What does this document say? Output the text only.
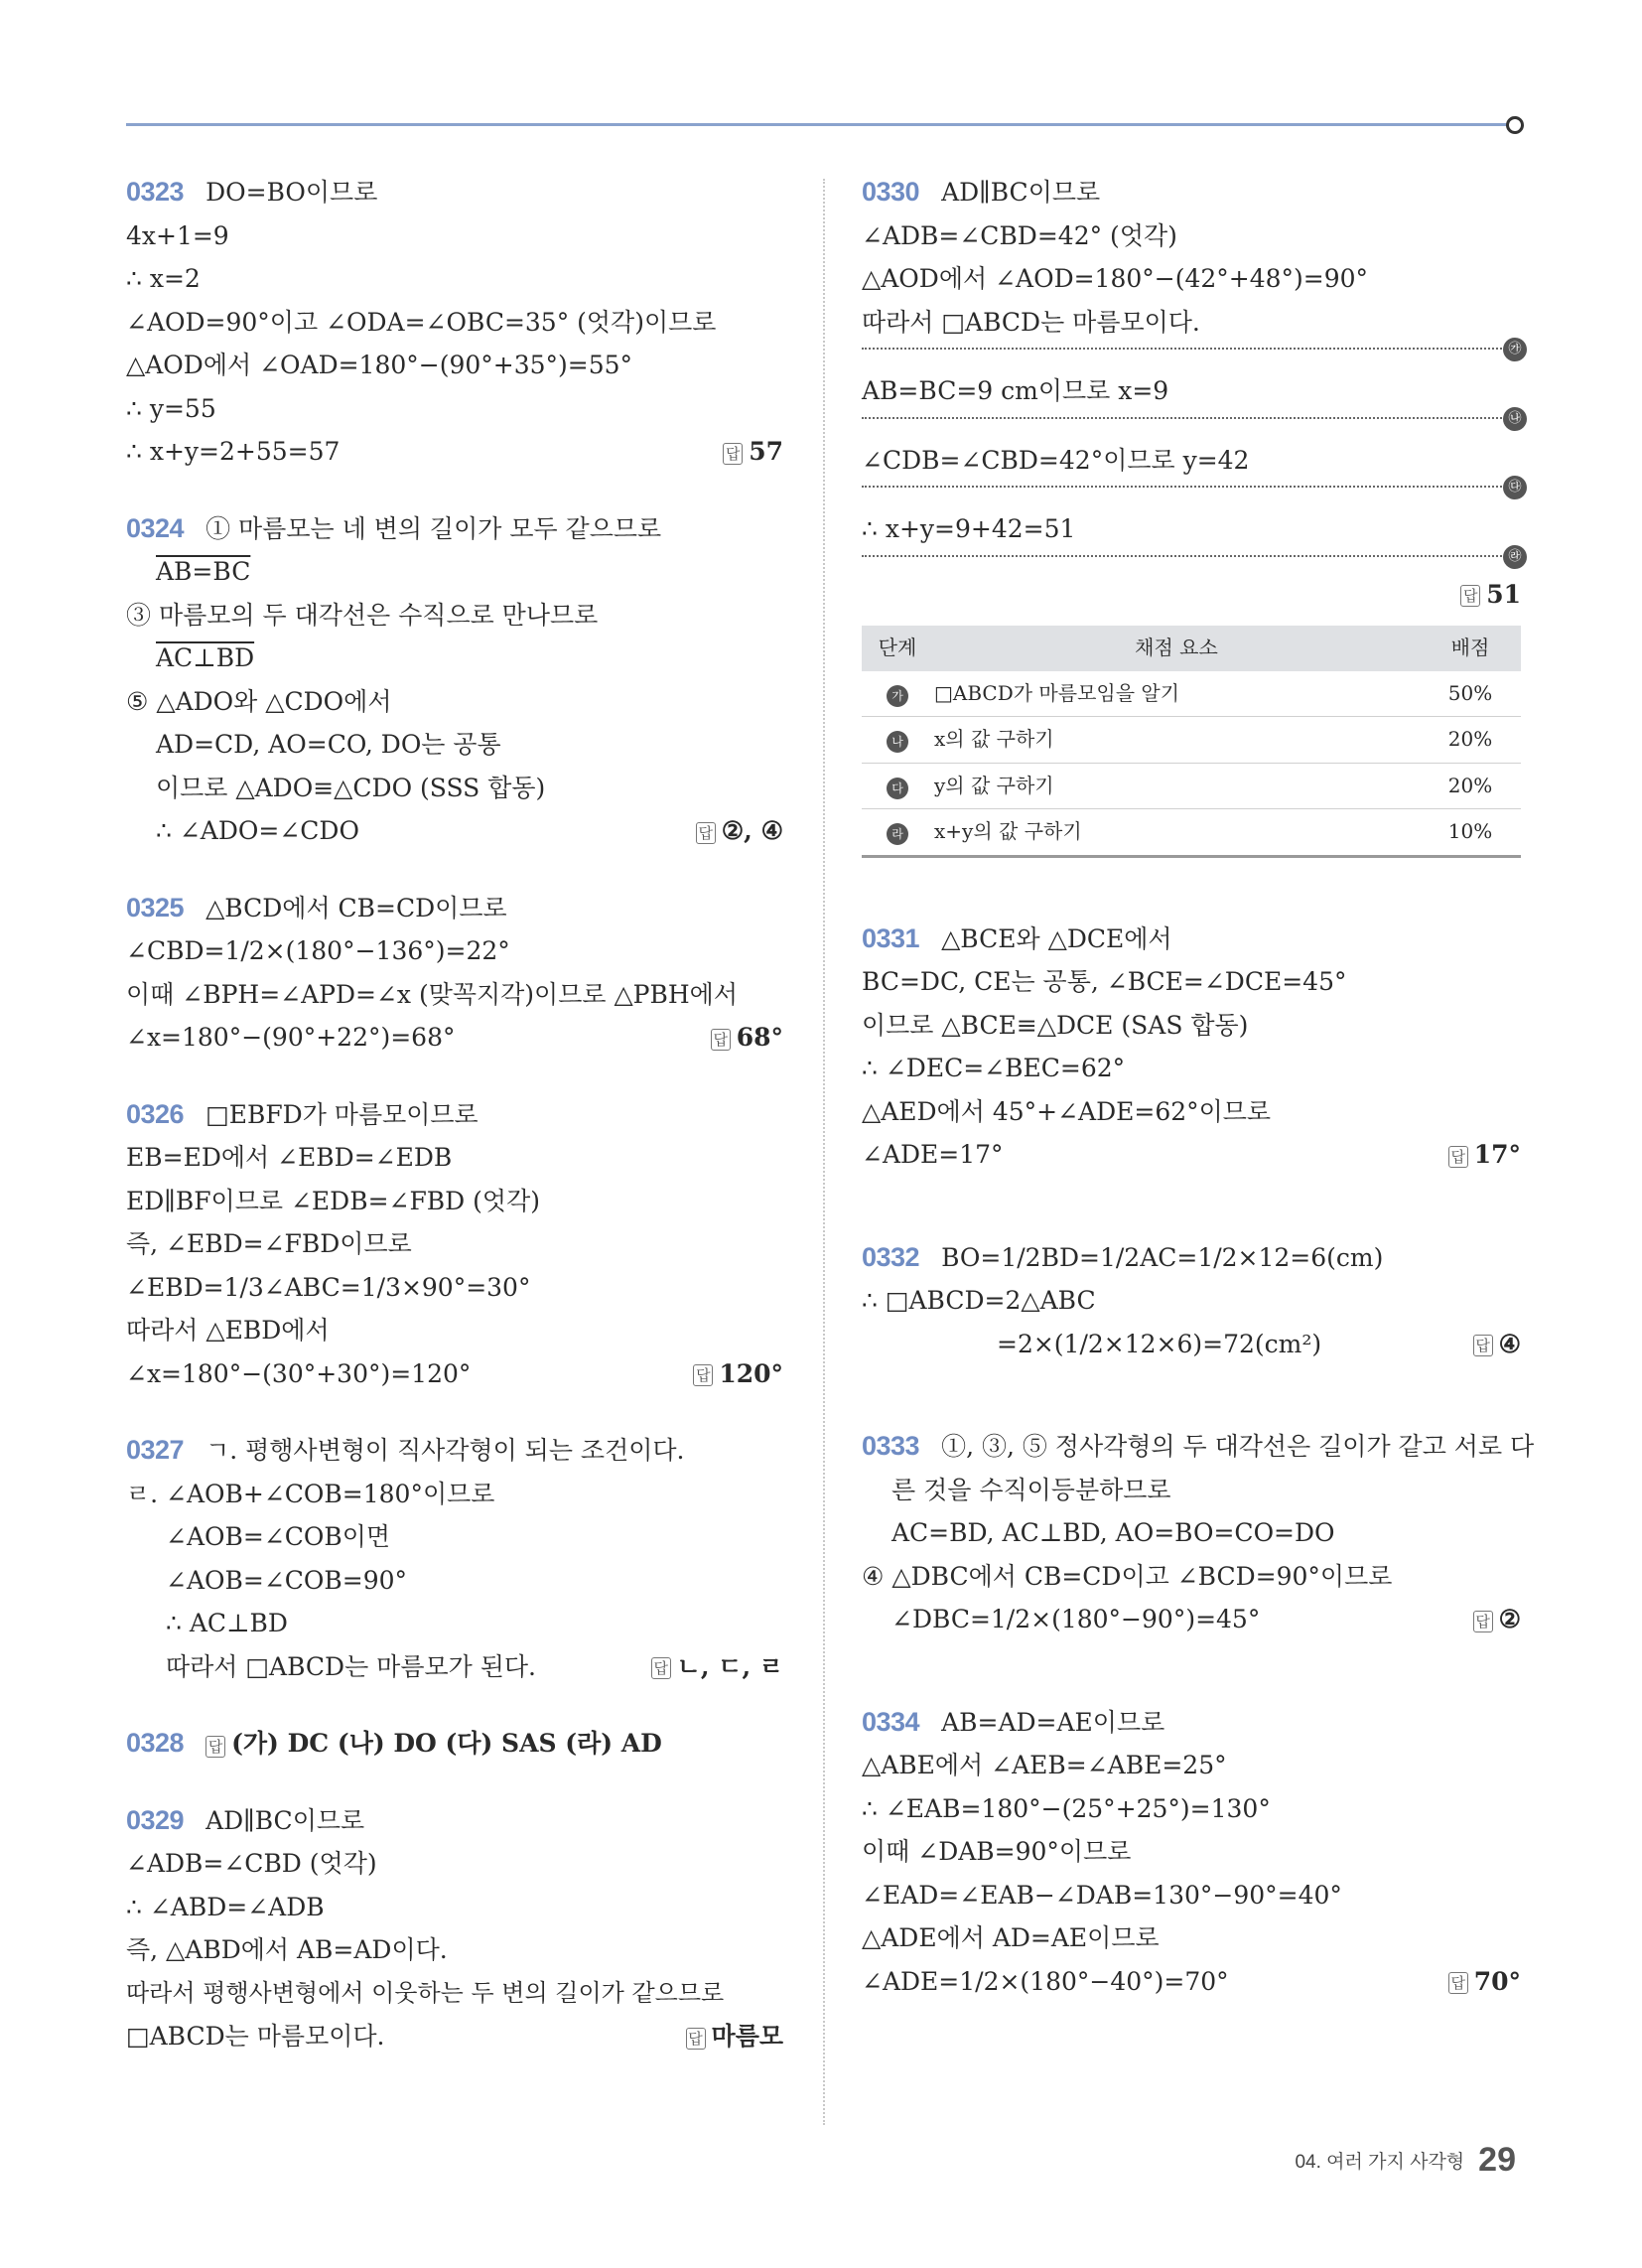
0323 DO=BO이므로
4x+1=9
∴ x=2
∠AOD=90°이고 ∠ODA=∠OBC=35° (엇각)이므로
△AOD에서 ∠OAD=180°−(90°+35°)=55°
∴ y=55
∴ x+y=2+55=57	답 57
0324 ① 마름모는 네 변의 길이가 모두 같으므로
AB=BC
③ 마름모의 두 대각선은 수직으로 만나므로
AC⊥BD
⑤ △ADO와 △CDO에서
AD=CD, AO=CO, DO는 공통
이므로 △ADO≡△CDO (SSS 합동)
∴ ∠ADO=∠CDO	답 ②, ④
0325 △BCD에서 CB=CD이므로
∠CBD=1/2×(180°−136°)=22°
이때 ∠BPH=∠APD=∠x (맞꼭지각)이므로 △PBH에서
∠x=180°−(90°+22°)=68°	답 68°
0326 □EBFD가 마름모이므로
EB=ED에서 ∠EBD=∠EDB
ED∥BF이므로 ∠EDB=∠FBD (엇각)
즉, ∠EBD=∠FBD이므로
∠EBD=1/3∠ABC=1/3×90°=30°
따라서 △EBD에서
∠x=180°−(30°+30°)=120°	답 120°
0327 ㄱ. 평행사변형이 직사각형이 되는 조건이다.
ㄹ. ∠AOB+∠COB=180°이므로
∠AOB=∠COB이면
∠AOB=∠COB=90°
∴ AC⊥BD
따라서 □ABCD는 마름모가 된다.	답 ㄴ, ㄷ, ㄹ
0328 답 (가) DC (나) DO (다) SAS (라) AD
0329 AD∥BC이므로
∠ADB=∠CBD (엇각)
∴ ∠ABD=∠ADB
즉, △ABD에서 AB=AD이다.
따라서 평행사변형에서 이웃하는 두 변의 길이가 같으므로
□ABCD는 마름모이다.	답 마름모
0330 AD∥BC이므로
∠ADB=∠CBD=42° (엇각)
△AOD에서 ∠AOD=180°−(42°+48°)=90°
따라서 □ABCD는 마름모이다.
㉮
AB=BC=9 cm이므로 x=9
㉯
∠CDB=∠CBD=42°이므로 y=42
㉰
∴ x+y=9+42=51
㉱
답 51
단계	채점 요소	배점
가	□ABCD가 마름모임을 알기	50%
나	x의 값 구하기	20%
다	y의 값 구하기	20%
라	x+y의 값 구하기	10%
0331 △BCE와 △DCE에서
BC=DC, CE는 공통, ∠BCE=∠DCE=45°
이므로 △BCE≡△DCE (SAS 합동)
∴ ∠DEC=∠BEC=62°
△AED에서 45°+∠ADE=62°이므로
∠ADE=17°	답 17°
0332 BO=1/2BD=1/2AC=1/2×12=6(cm)
∴ □ABCD=2△ABC
=2×(1/2×12×6)=72(cm²)	답 ④
0333 ①, ③, ⑤ 정사각형의 두 대각선은 길이가 같고 서로 다
른 것을 수직이등분하므로
AC=BD, AC⊥BD, AO=BO=CO=DO
④ △DBC에서 CB=CD이고 ∠BCD=90°이므로
∠DBC=1/2×(180°−90°)=45°	답 ②
0334 AB=AD=AE이므로
△ABE에서 ∠AEB=∠ABE=25°
∴ ∠EAB=180°−(25°+25°)=130°
이때 ∠DAB=90°이므로
∠EAD=∠EAB−∠DAB=130°−90°=40°
△ADE에서 AD=AE이므로
∠ADE=1/2×(180°−40°)=70°	답 70°
04. 여러 가지 사각형 29
